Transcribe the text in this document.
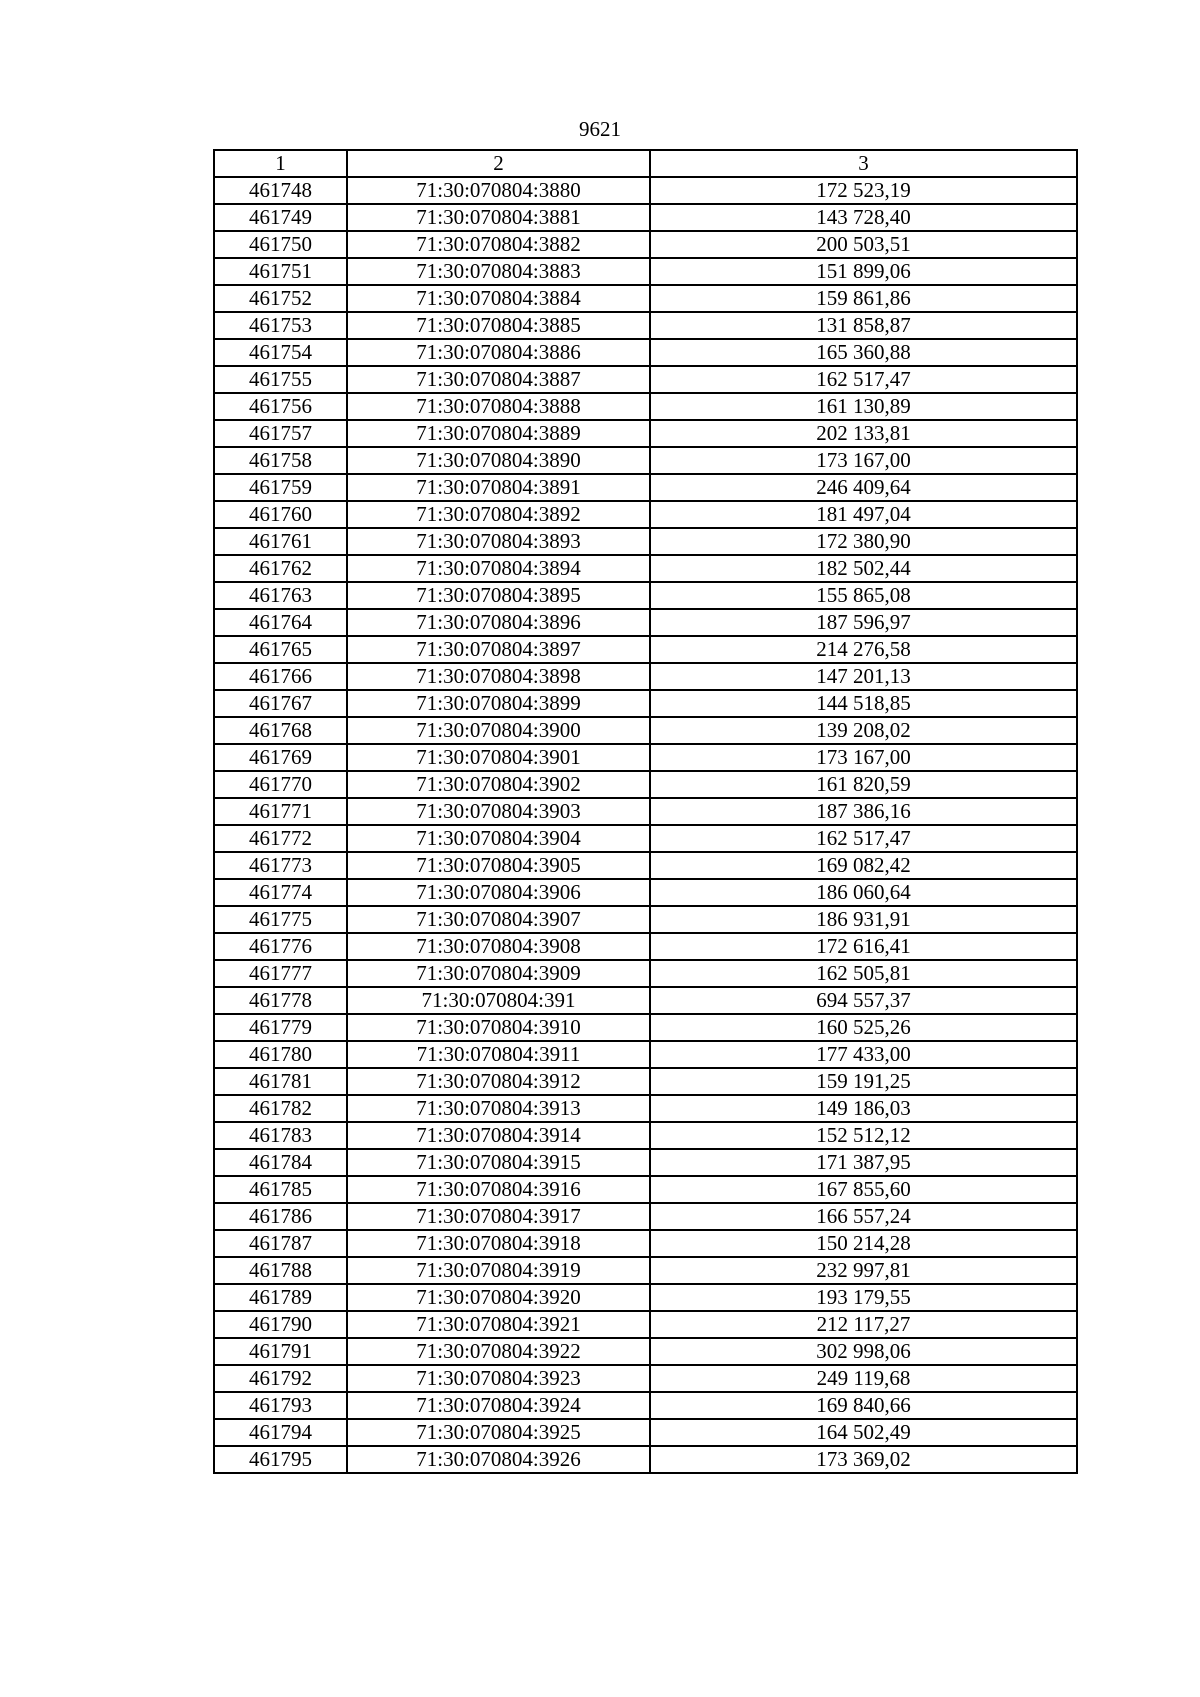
9621
1	2	3
461748	71:30:070804:3880	172 523,19
461749	71:30:070804:3881	143 728,40
461750	71:30:070804:3882	200 503,51
461751	71:30:070804:3883	151 899,06
461752	71:30:070804:3884	159 861,86
461753	71:30:070804:3885	131 858,87
461754	71:30:070804:3886	165 360,88
461755	71:30:070804:3887	162 517,47
461756	71:30:070804:3888	161 130,89
461757	71:30:070804:3889	202 133,81
461758	71:30:070804:3890	173 167,00
461759	71:30:070804:3891	246 409,64
461760	71:30:070804:3892	181 497,04
461761	71:30:070804:3893	172 380,90
461762	71:30:070804:3894	182 502,44
461763	71:30:070804:3895	155 865,08
461764	71:30:070804:3896	187 596,97
461765	71:30:070804:3897	214 276,58
461766	71:30:070804:3898	147 201,13
461767	71:30:070804:3899	144 518,85
461768	71:30:070804:3900	139 208,02
461769	71:30:070804:3901	173 167,00
461770	71:30:070804:3902	161 820,59
461771	71:30:070804:3903	187 386,16
461772	71:30:070804:3904	162 517,47
461773	71:30:070804:3905	169 082,42
461774	71:30:070804:3906	186 060,64
461775	71:30:070804:3907	186 931,91
461776	71:30:070804:3908	172 616,41
461777	71:30:070804:3909	162 505,81
461778	71:30:070804:391	694 557,37
461779	71:30:070804:3910	160 525,26
461780	71:30:070804:3911	177 433,00
461781	71:30:070804:3912	159 191,25
461782	71:30:070804:3913	149 186,03
461783	71:30:070804:3914	152 512,12
461784	71:30:070804:3915	171 387,95
461785	71:30:070804:3916	167 855,60
461786	71:30:070804:3917	166 557,24
461787	71:30:070804:3918	150 214,28
461788	71:30:070804:3919	232 997,81
461789	71:30:070804:3920	193 179,55
461790	71:30:070804:3921	212 117,27
461791	71:30:070804:3922	302 998,06
461792	71:30:070804:3923	249 119,68
461793	71:30:070804:3924	169 840,66
461794	71:30:070804:3925	164 502,49
461795	71:30:070804:3926	173 369,02
